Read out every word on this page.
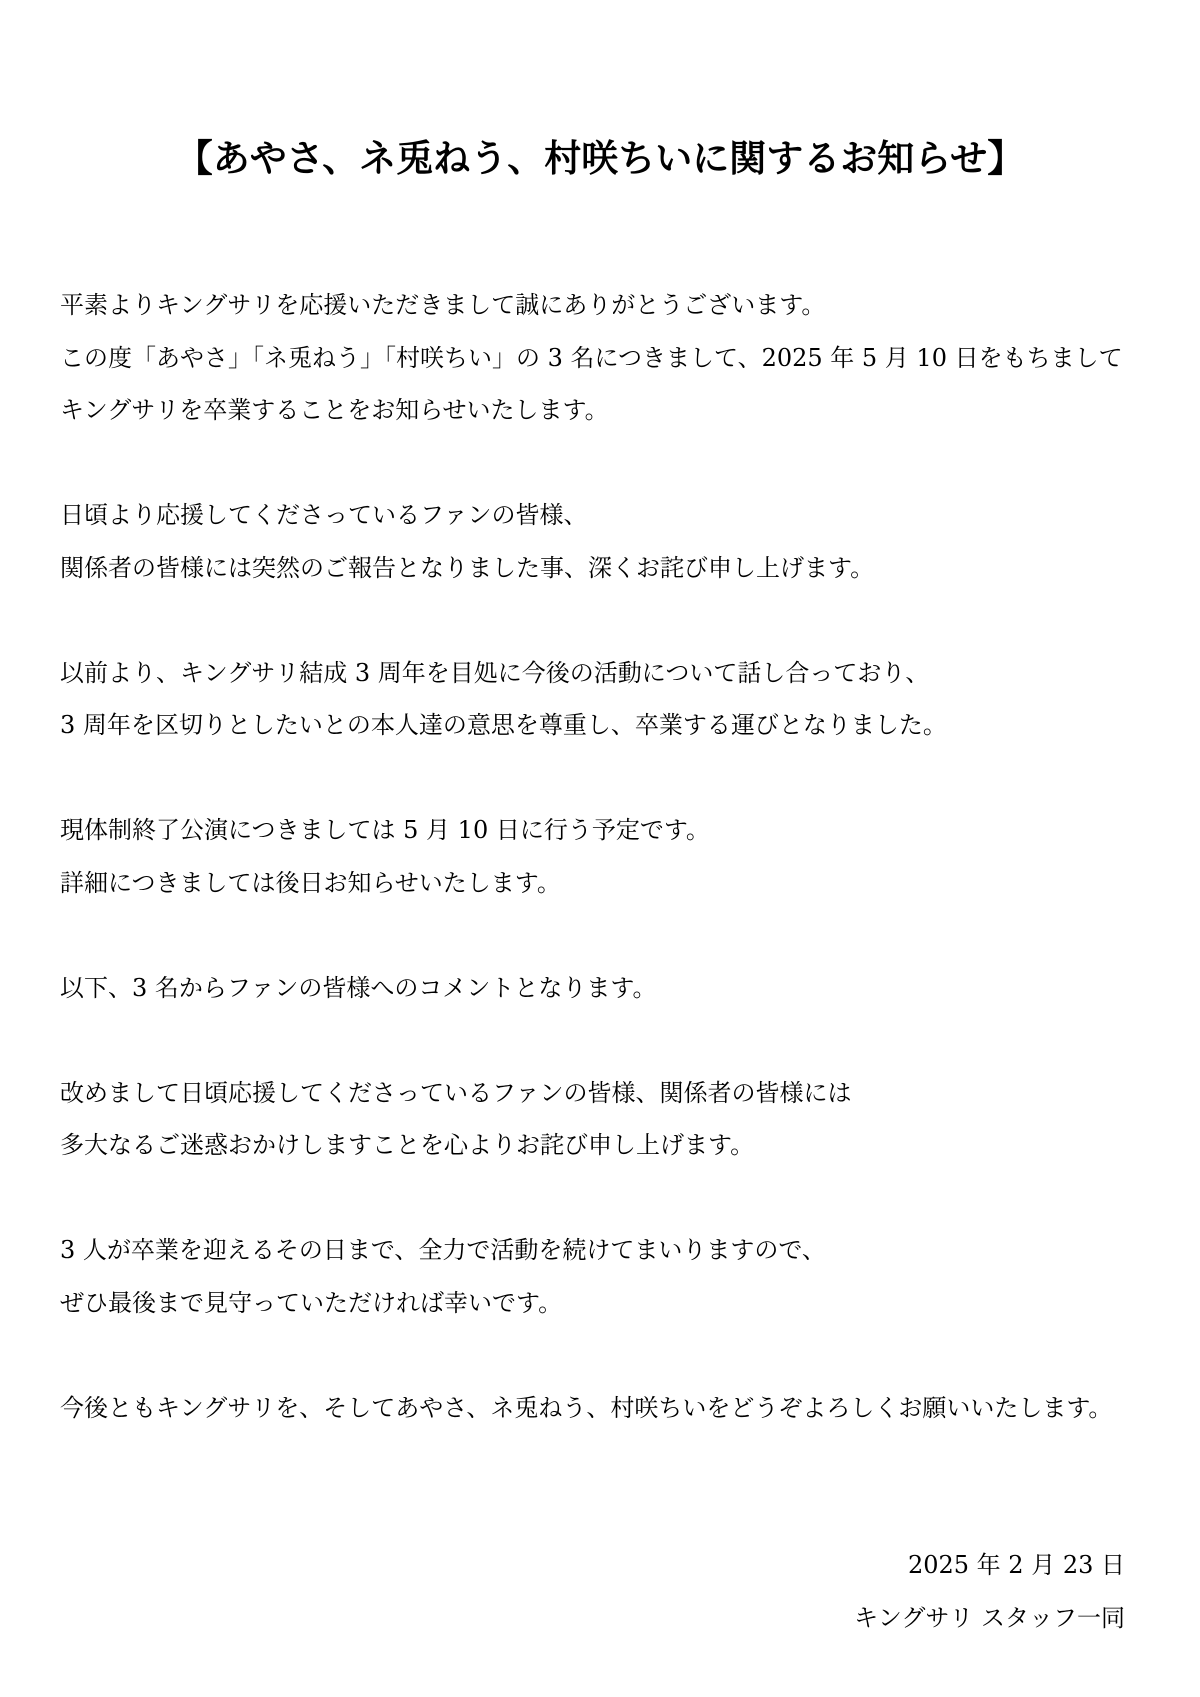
【あやさ、ネ兎ねう、村咲ちいに関するお知らせ】

平素よりキングサリを応援いただきまして誠にありがとうございます。
この度「あやさ」「ネ兎ねう」「村咲ちい」の 3 名につきまして、2025 年 5 月 10 日をもちまして
キングサリを卒業することをお知らせいたします。

日頃より応援してくださっているファンの皆様、
関係者の皆様には突然のご報告となりました事、深くお詫び申し上げます。

以前より、キングサリ結成 3 周年を目処に今後の活動について話し合っており、
3 周年を区切りとしたいとの本人達の意思を尊重し、卒業する運びとなりました。

現体制終了公演につきましては 5 月 10 日に行う予定です。
詳細につきましては後日お知らせいたします。

以下、3 名からファンの皆様へのコメントとなります。

改めまして日頃応援してくださっているファンの皆様、関係者の皆様には
多大なるご迷惑おかけしますことを心よりお詫び申し上げます。

3 人が卒業を迎えるその日まで、全力で活動を続けてまいりますので、
ぜひ最後まで見守っていただければ幸いです。

今後ともキングサリを、そしてあやさ、ネ兎ねう、村咲ちいをどうぞよろしくお願いいたします。

2025 年 2 月 23 日
キングサリ スタッフ一同
